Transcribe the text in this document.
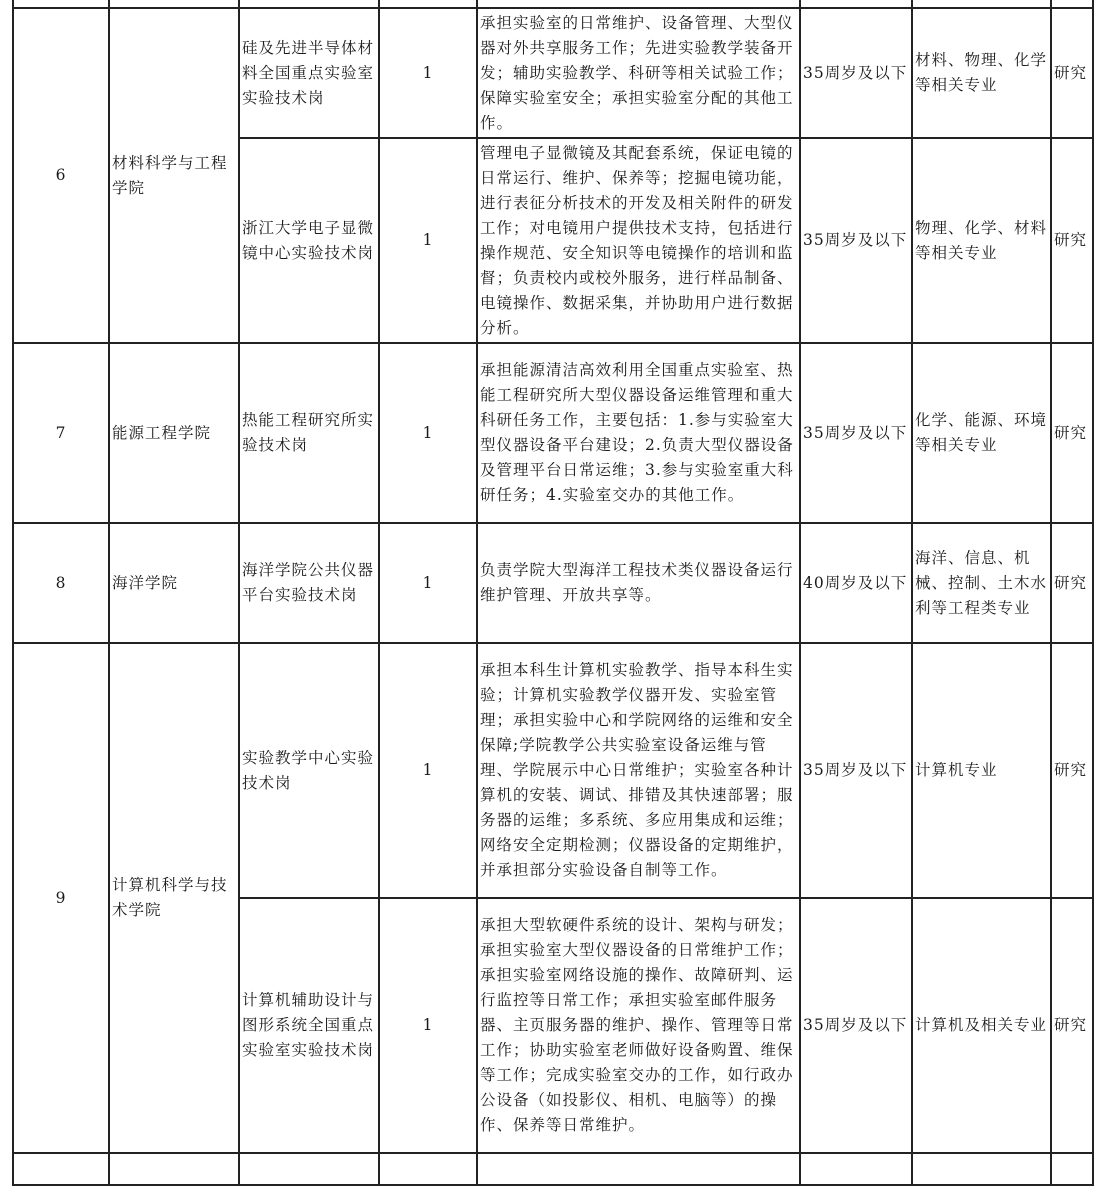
6	材料科学与工程学院	硅及先进半导体材料全国重点实验室实验技术岗	1	承担实验室的日常维护、设备管理、大型仪器对外共享服务工作；先进实验教学装备开发；辅助实验教学、科研等相关试验工作；保障实验室安全；承担实验室分配的其他工作。	35周岁及以下	材料、物理、化学等相关专业	研究
		浙江大学电子显微镜中心实验技术岗	1	管理电子显微镜及其配套系统，保证电镜的日常运行、维护、保养等；挖掘电镜功能，进行表征分析技术的开发及相关附件的研发工作；对电镜用户提供技术支持，包括进行操作规范、安全知识等电镜操作的培训和监督；负责校内或校外服务，进行样品制备、电镜操作、数据采集，并协助用户进行数据分析。	35周岁及以下	物理、化学、材料等相关专业	研究
7	能源工程学院	热能工程研究所实验技术岗	1	承担能源清洁高效利用全国重点实验室、热能工程研究所大型仪器设备运维管理和重大科研任务工作，主要包括：1.参与实验室大型仪器设备平台建设；2.负责大型仪器设备及管理平台日常运维；3.参与实验室重大科研任务；4.实验室交办的其他工作。	35周岁及以下	化学、能源、环境等相关专业	研究
8	海洋学院	海洋学院公共仪器平台实验技术岗	1	负责学院大型海洋工程技术类仪器设备运行维护管理、开放共享等。	40周岁及以下	海洋、信息、机械、控制、土木水利等工程类专业	研究
9	计算机科学与技术学院	实验教学中心实验技术岗	1	承担本科生计算机实验教学、指导本科生实验；计算机实验教学仪器开发、实验室管理；承担实验中心和学院网络的运维和安全保障;学院教学公共实验室设备运维与管理、学院展示中心日常维护；实验室各种计算机的安装、调试、排错及其快速部署；服务器的运维；多系统、多应用集成和运维；网络安全定期检测；仪器设备的定期维护，并承担部分实验设备自制等工作。	35周岁及以下	计算机专业	研究
		计算机辅助设计与图形系统全国重点实验室实验技术岗	1	承担大型软硬件系统的设计、架构与研发；承担实验室大型仪器设备的日常维护工作；承担实验室网络设施的操作、故障研判、运行监控等日常工作；承担实验室邮件服务器、主页服务器的维护、操作、管理等日常工作；协助实验室老师做好设备购置、维保等工作；完成实验室交办的工作，如行政办公设备（如投影仪、相机、电脑等）的操作、保养等日常维护。	35周岁及以下	计算机及相关专业	研究
